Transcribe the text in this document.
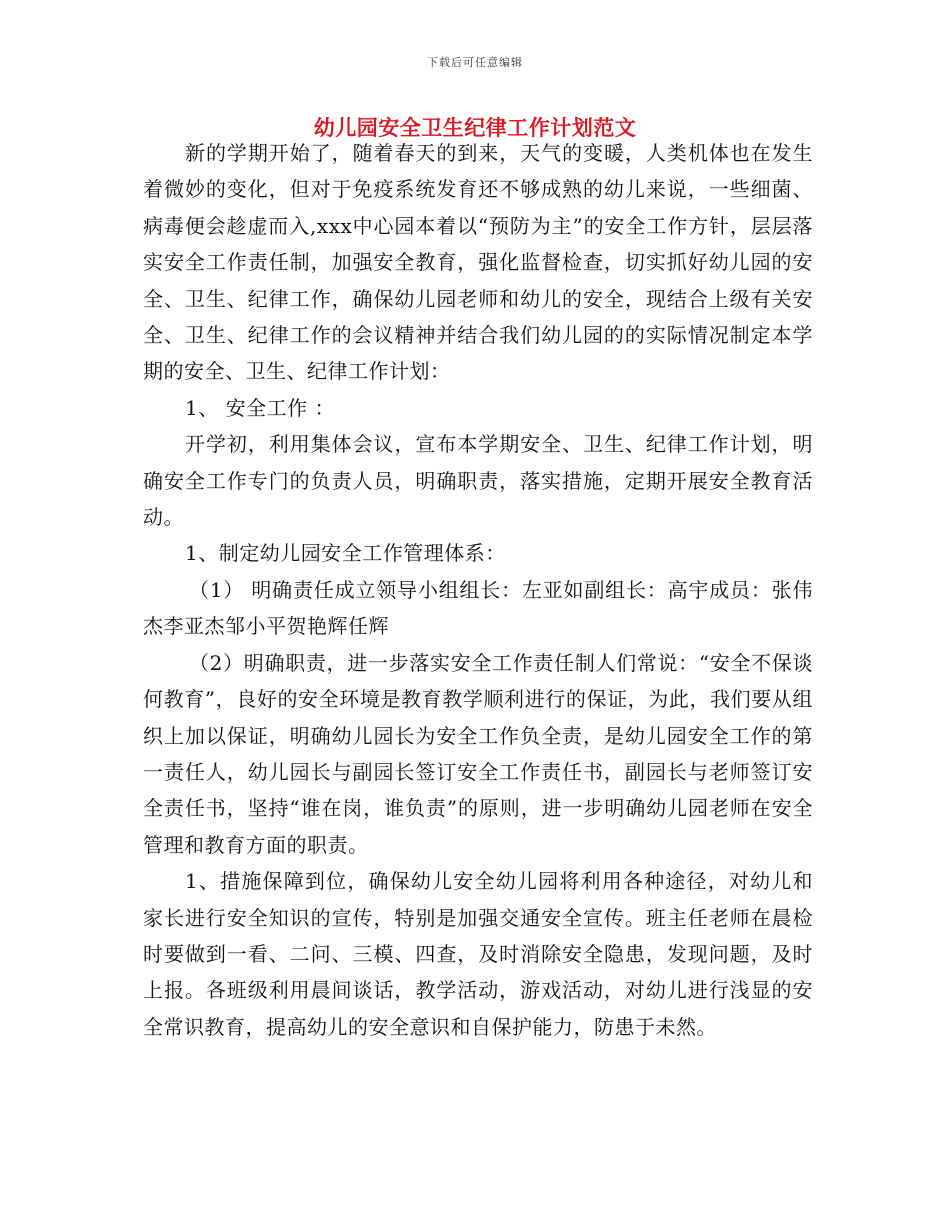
下载后可任意编辑
幼儿园安全卫生纪律工作计划范文

新的学期开始了，随着春天的到来，天气的变暖，人类机体也在发生着微妙的变化，但对于免疫系统发育还不够成熟的幼儿来说，一些细菌、病毒便会趁虚而入,xxx中心园本着以“预防为主”的安全工作方针，层层落实安全工作责任制，加强安全教育，强化监督检查，切实抓好幼儿园的安全、卫生、纪律工作，确保幼儿园老师和幼儿的安全，现结合上级有关安全、卫生、纪律工作的会议精神并结合我们幼儿园的的实际情况制定本学期的安全、卫生、纪律工作计划：

1、 安全工作 ：

开学初，利用集体会议，宣布本学期安全、卫生、纪律工作计划，明确安全工作专门的负责人员，明确职责，落实措施，定期开展安全教育活动。

1、制定幼儿园安全工作管理体系：

（1） 明确责任成立领导小组组长：左亚如副组长：高宇成员：张伟杰李亚杰邹小平贺艳辉任辉

（2）明确职责，进一步落实安全工作责任制人们常说：“安全不保谈何教育”，良好的安全环境是教育教学顺利进行的保证，为此，我们要从组织上加以保证，明确幼儿园长为安全工作负全责，是幼儿园安全工作的第一责任人，幼儿园长与副园长签订安全工作责任书，副园长与老师签订安全责任书，坚持“谁在岗，谁负责”的原则，进一步明确幼儿园老师在安全管理和教育方面的职责。

1、措施保障到位，确保幼儿安全幼儿园将利用各种途径，对幼儿和家长进行安全知识的宣传，特别是加强交通安全宣传。班主任老师在晨检时要做到一看、二问、三模、四查，及时消除安全隐患，发现问题，及时上报。各班级利用晨间谈话，教学活动，游戏活动，对幼儿进行浅显的安全常识教育，提高幼儿的安全意识和自保护能力，防患于未然。
